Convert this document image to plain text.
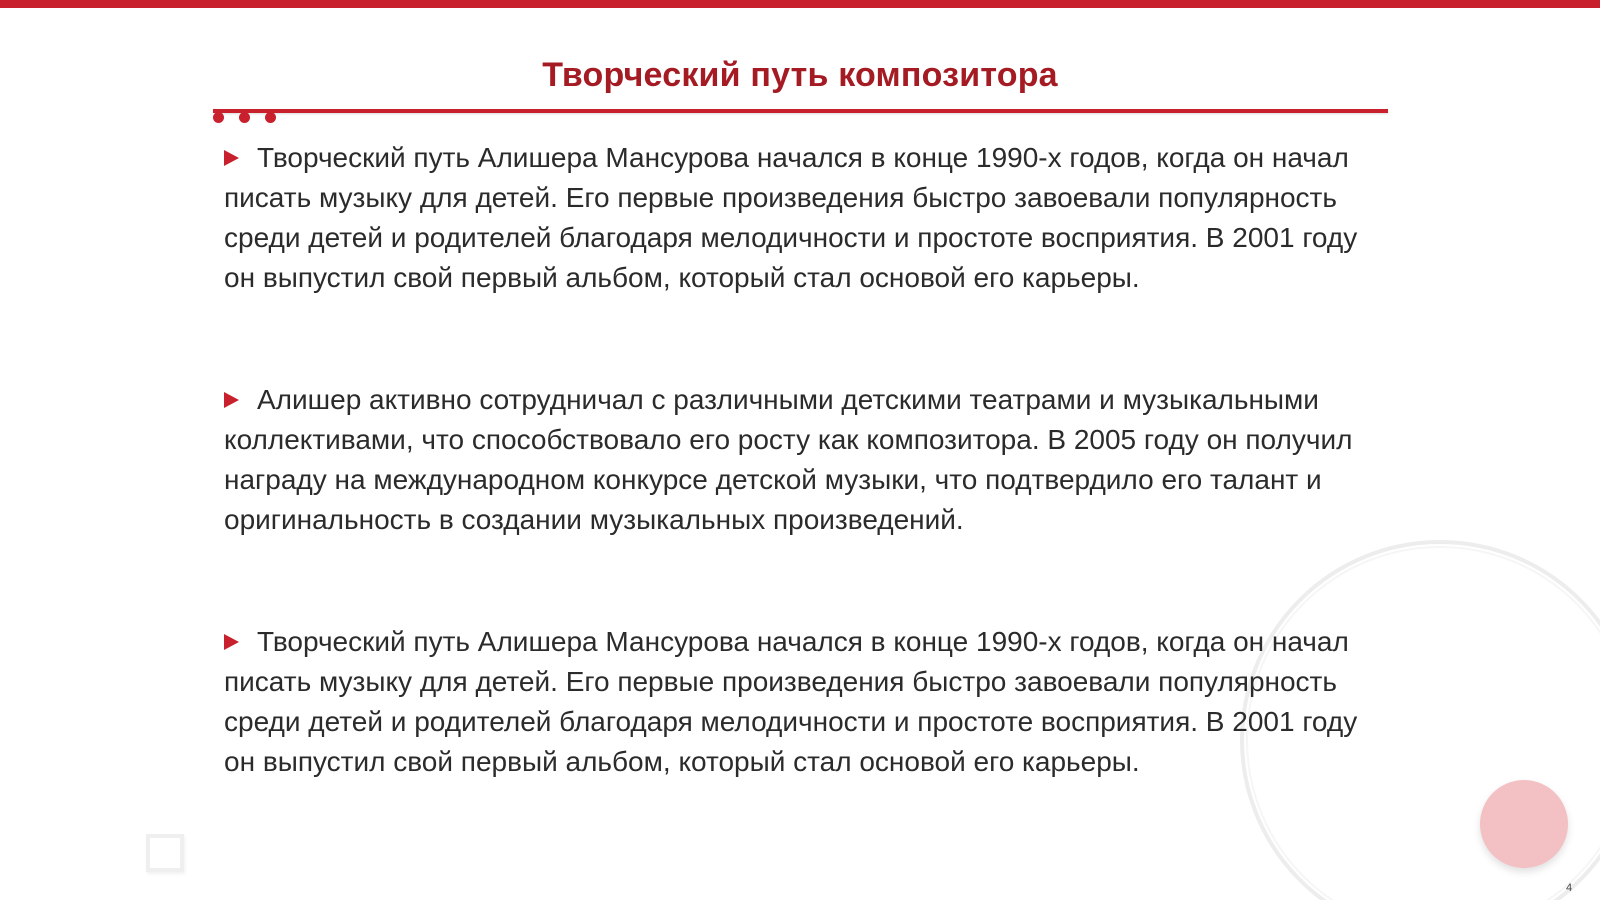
Творческий путь композитора
Творческий путь Алишера Мансурова начался в конце 1990-х годов, когда он начал писать музыку для детей. Его первые произведения быстро завоевали популярность среди детей и родителей благодаря мелодичности и простоте восприятия. В 2001 году он выпустил свой первый альбом, который стал основой его карьеры.
Алишер активно сотрудничал с различными детскими театрами и музыкальными коллективами, что способствовало его росту как композитора. В 2005 году он получил награду на международном конкурсе детской музыки, что подтвердило его талант и оригинальность в создании музыкальных произведений.
Творческий путь Алишера Мансурова начался в конце 1990-х годов, когда он начал писать музыку для детей. Его первые произведения быстро завоевали популярность среди детей и родителей благодаря мелодичности и простоте восприятия. В 2001 году он выпустил свой первый альбом, который стал основой его карьеры.
4
